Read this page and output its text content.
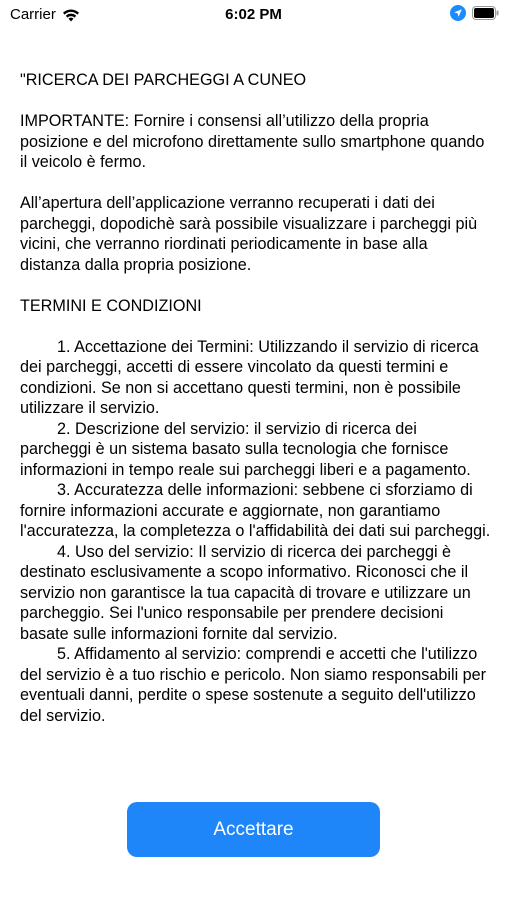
Carrier	6:02 PM

"RICERCA DEI PARCHEGGI A CUNEO

IMPORTANTE: Fornire i consensi all’utilizzo della propria posizione e del microfono direttamente sullo smartphone quando il veicolo è fermo.

All’apertura dell’applicazione verranno recuperati i dati dei parcheggi, dopodichè sarà possibile visualizzare i parcheggi più vicini, che verranno riordinati periodicamente in base alla distanza dalla propria posizione.

TERMINI E CONDIZIONI

1. Accettazione dei Termini: Utilizzando il servizio di ricerca dei parcheggi, accetti di essere vincolato da questi termini e condizioni. Se non si accettano questi termini, non è possibile utilizzare il servizio.

2. Descrizione del servizio: il servizio di ricerca dei parcheggi è un sistema basato sulla tecnologia che fornisce informazioni in tempo reale sui parcheggi liberi e a pagamento.

3. Accuratezza delle informazioni: sebbene ci sforziamo di fornire informazioni accurate e aggiornate, non garantiamo l'accuratezza, la completezza o l'affidabilità dei dati sui parcheggi.

4. Uso del servizio: Il servizio di ricerca dei parcheggi è destinato esclusivamente a scopo informativo. Riconosci che il servizio non garantisce la tua capacità di trovare e utilizzare un parcheggio. Sei l'unico responsabile per prendere decisioni basate sulle informazioni fornite dal servizio.

5. Affidamento al servizio: comprendi e accetti che l'utilizzo del servizio è a tuo rischio e pericolo. Non siamo responsabili per eventuali danni, perdite o spese sostenute a seguito dell'utilizzo del servizio.

Accettare
